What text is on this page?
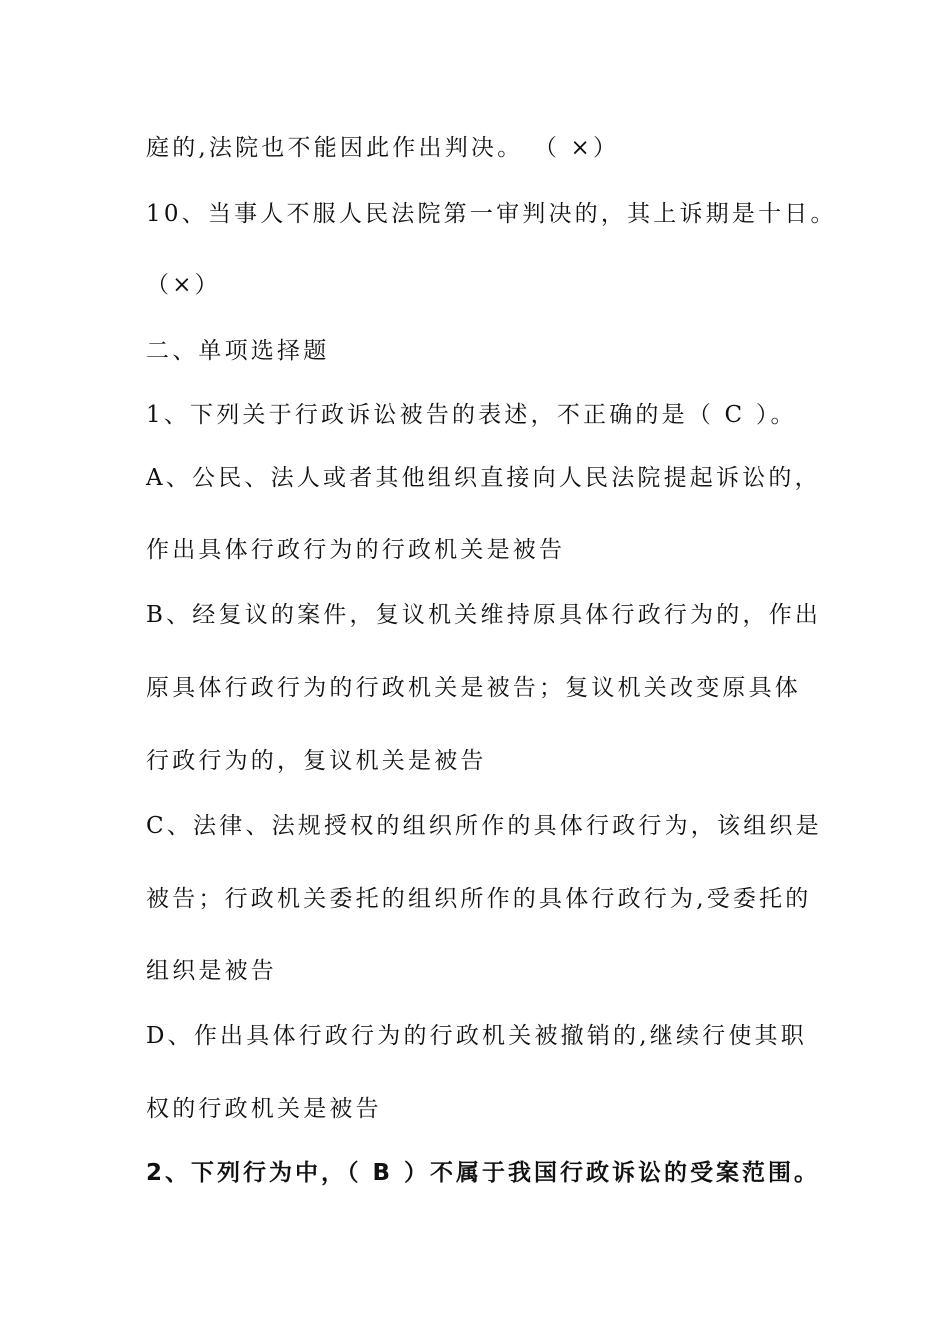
庭的,法院也不能因此作出判决。 （ ×）
10、当事人不服人民法院第一审判决的，其上诉期是十日。
（×）
二、单项选择题
1、下列关于行政诉讼被告的表述，不正确的是（ C ）。
A、公民、法人或者其他组织直接向人民法院提起诉讼的，
作出具体行政行为的行政机关是被告
B、经复议的案件，复议机关维持原具体行政行为的，作出
原具体行政行为的行政机关是被告；复议机关改变原具体
行政行为的，复议机关是被告
C、法律、法规授权的组织所作的具体行政行为，该组织是
被告；行政机关委托的组织所作的具体行政行为,受委托的
组织是被告
D、作出具体行政行为的行政机关被撤销的,继续行使其职
权的行政机关是被告
2、下列行为中，（ B ）不属于我国行政诉讼的受案范围。
